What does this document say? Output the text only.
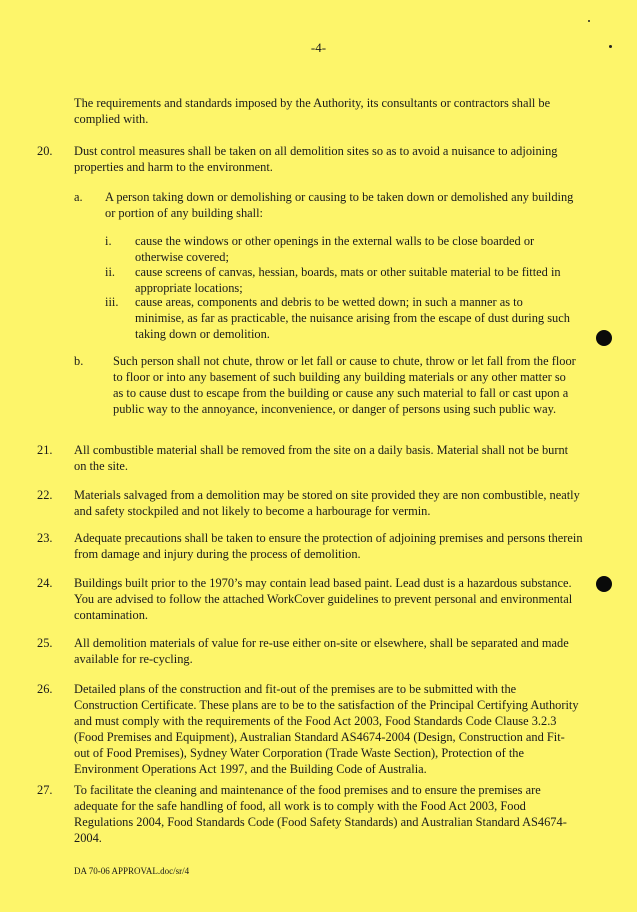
-4-
The requirements and standards imposed by the Authority, its consultants or contractors shall be complied with.
20. Dust control measures shall be taken on all demolition sites so as to avoid a nuisance to adjoining properties and harm to the environment.
a. A person taking down or demolishing or causing to be taken down or demolished any building or portion of any building shall:
i. cause the windows or other openings in the external walls to be close boarded or otherwise covered;
ii. cause screens of canvas, hessian, boards, mats or other suitable material to be fitted in appropriate locations;
iii. cause areas, components and debris to be wetted down; in such a manner as to minimise, as far as practicable, the nuisance arising from the escape of dust during such taking down or demolition.
b. Such person shall not chute, throw or let fall or cause to chute, throw or let fall from the floor to floor or into any basement of such building any building materials or any other matter so as to cause dust to escape from the building or cause any such material to fall or cast upon a public way to the annoyance, inconvenience, or danger of persons using such public way.
21. All combustible material shall be removed from the site on a daily basis. Material shall not be burnt on the site.
22. Materials salvaged from a demolition may be stored on site provided they are non combustible, neatly and safety stockpiled and not likely to become a harbourage for vermin.
23. Adequate precautions shall be taken to ensure the protection of adjoining premises and persons therein from damage and injury during the process of demolition.
24. Buildings built prior to the 1970’s may contain lead based paint. Lead dust is a hazardous substance. You are advised to follow the attached WorkCover guidelines to prevent personal and environmental contamination.
25. All demolition materials of value for re-use either on-site or elsewhere, shall be separated and made available for re-cycling.
26. Detailed plans of the construction and fit-out of the premises are to be submitted with the Construction Certificate. These plans are to be to the satisfaction of the Principal Certifying Authority and must comply with the requirements of the Food Act 2003, Food Standards Code Clause 3.2.3 (Food Premises and Equipment), Australian Standard AS4674-2004 (Design, Construction and Fit-out of Food Premises), Sydney Water Corporation (Trade Waste Section), Protection of the Environment Operations Act 1997, and the Building Code of Australia.
27. To facilitate the cleaning and maintenance of the food premises and to ensure the premises are adequate for the safe handling of food, all work is to comply with the Food Act 2003, Food Regulations 2004, Food Standards Code (Food Safety Standards) and Australian Standard AS4674-2004.
DA 70-06 APPROVAL.doc/sr/4
